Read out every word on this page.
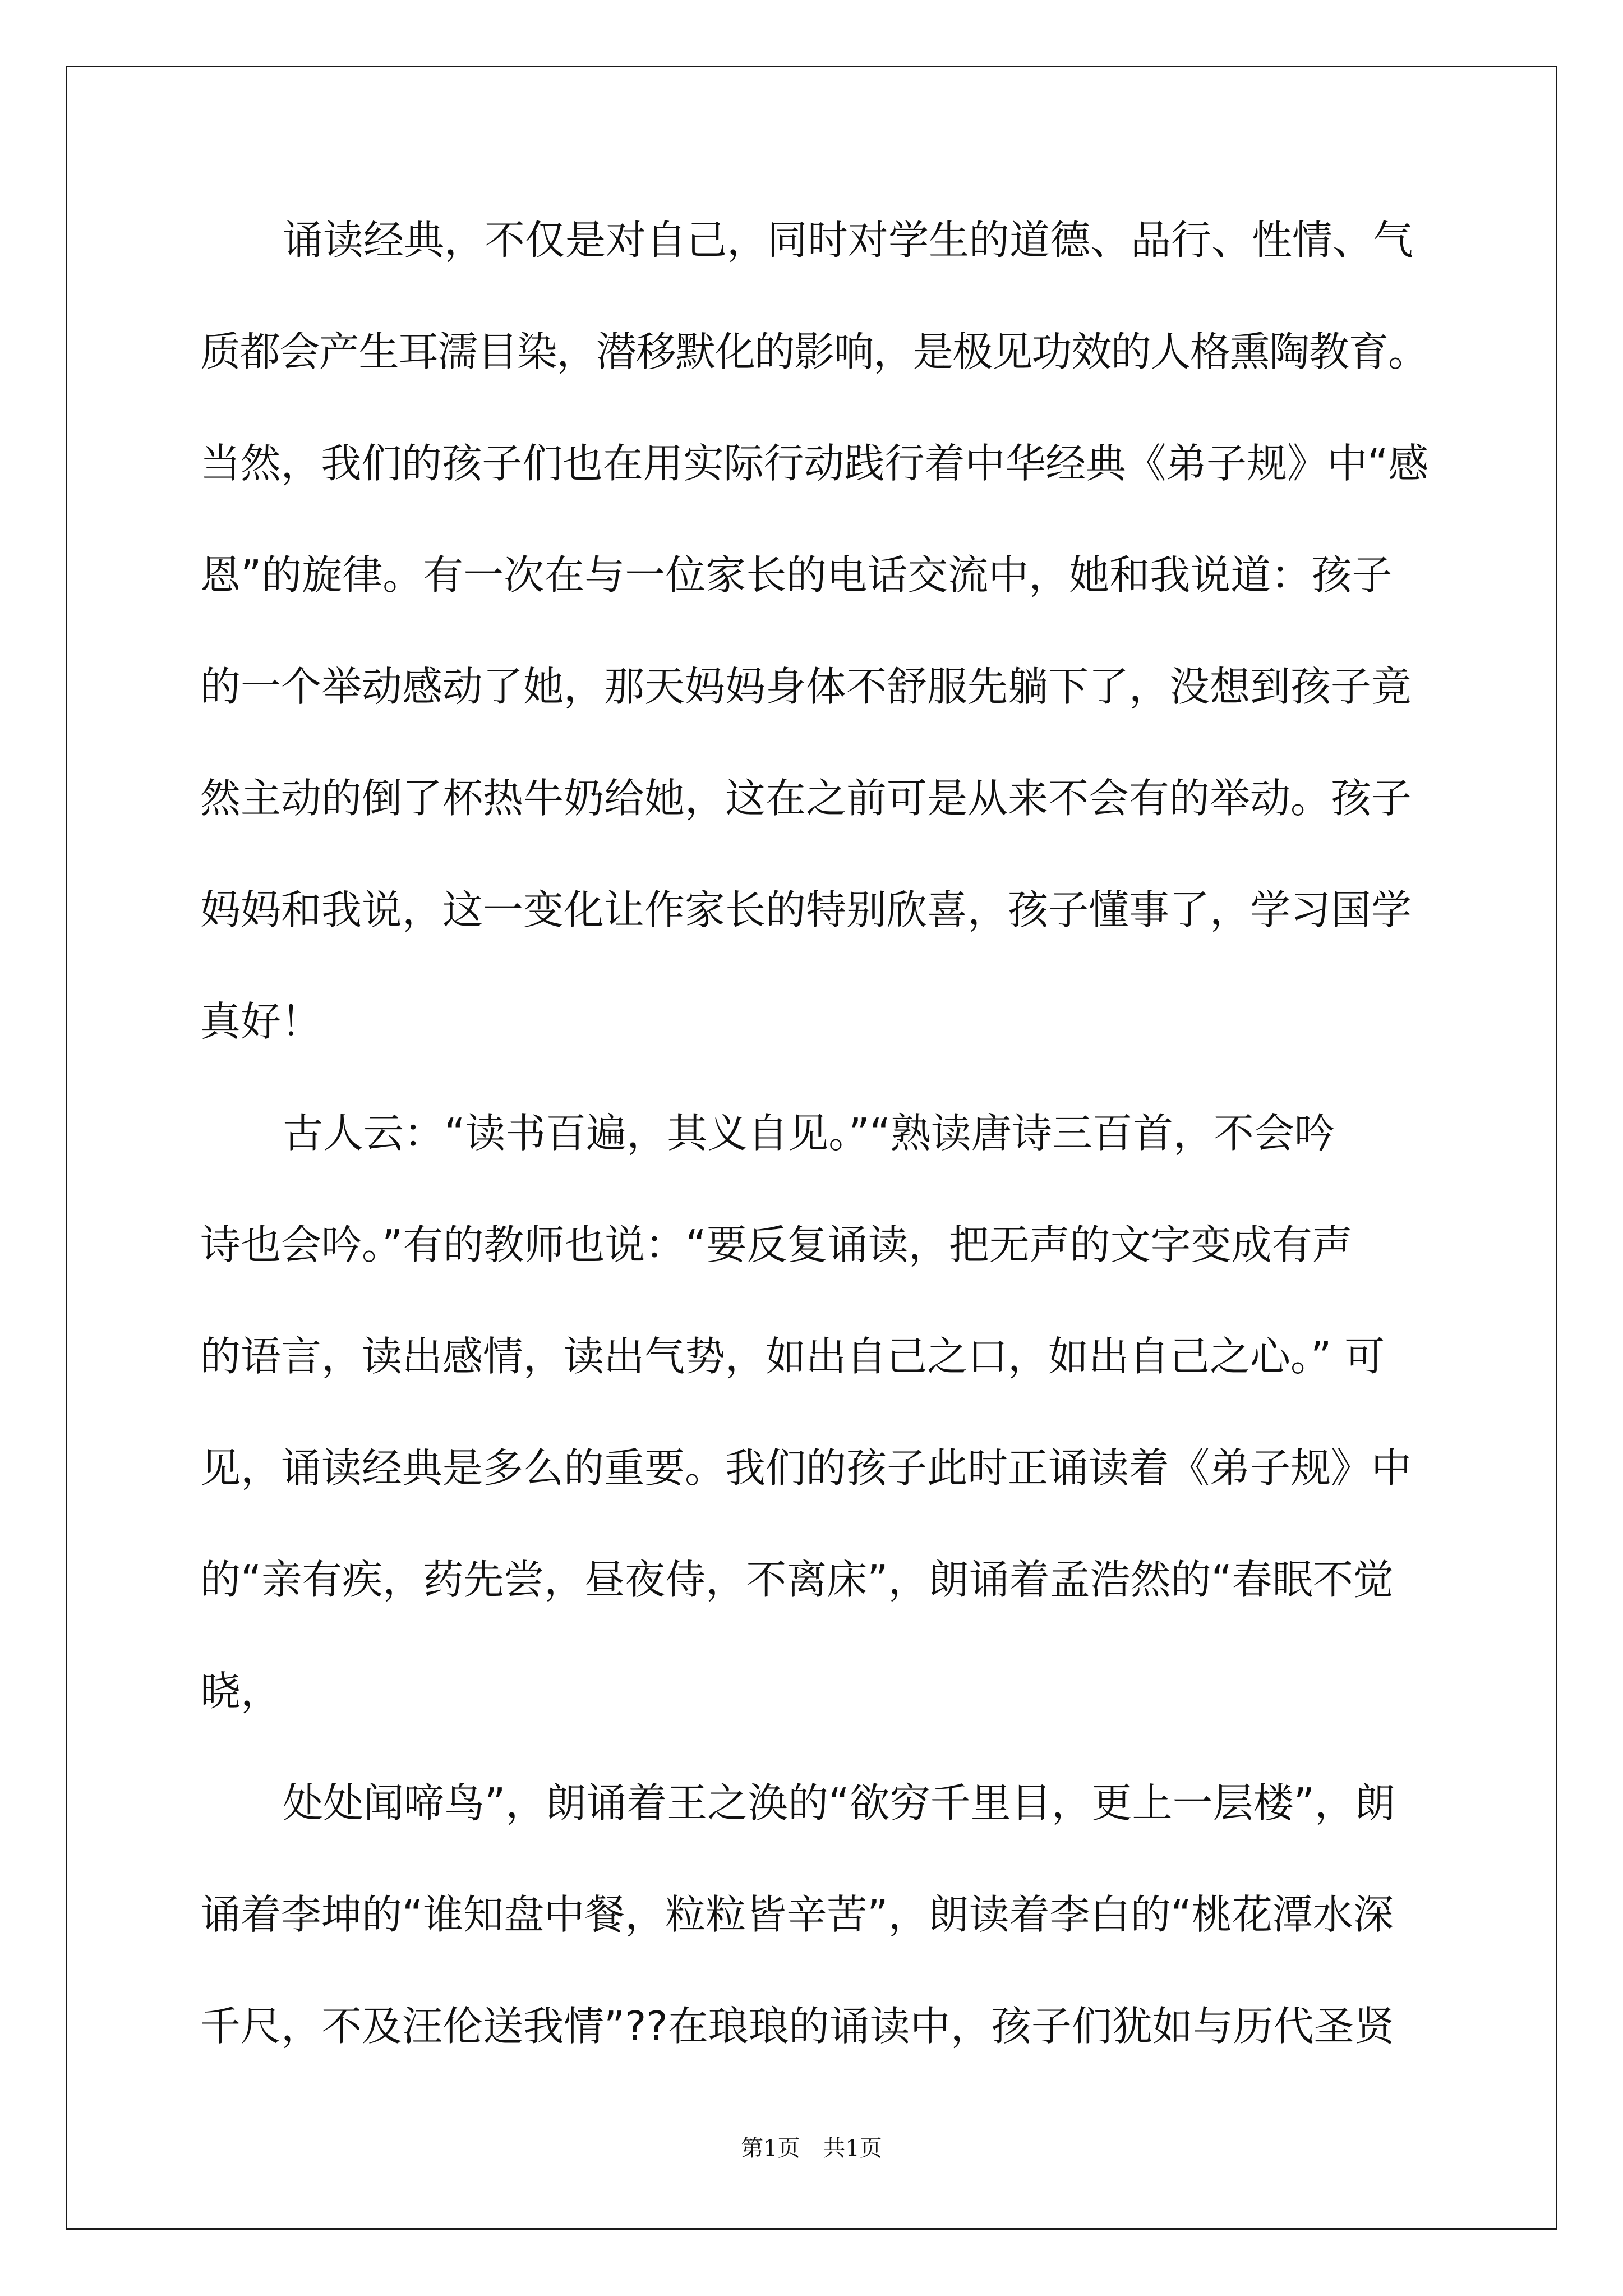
诵读经典，不仅是对自己，同时对学生的道德、品行、性情、气
质都会产生耳濡目染，潜移默化的影响，是极见功效的人格熏陶教育。
当然，我们的孩子们也在用实际行动践行着中华经典《弟子规》中“感
恩”的旋律。有一次在与一位家长的电话交流中，她和我说道：孩子
的一个举动感动了她，那天妈妈身体不舒服先躺下了，没想到孩子竟
然主动的倒了杯热牛奶给她，这在之前可是从来不会有的举动。孩子
妈妈和我说，这一变化让作家长的特别欣喜，孩子懂事了，学习国学
真好！
古人云：“读书百遍，其义自见。”“熟读唐诗三百首，不会吟
诗也会吟。”有的教师也说：“要反复诵读，把无声的文字变成有声
的语言，读出感情，读出气势，如出自己之口，如出自己之心。” 可
见，诵读经典是多么的重要。我们的孩子此时正诵读着《弟子规》中
的“亲有疾，药先尝，昼夜侍，不离床”，朗诵着孟浩然的“春眠不觉
晓，
处处闻啼鸟”，朗诵着王之涣的“欲穷千里目，更上一层楼”，朗
诵着李坤的“谁知盘中餐，粒粒皆辛苦”，朗读着李白的“桃花潭水深
千尺，不及汪伦送我情”??在琅琅的诵读中，孩子们犹如与历代圣贤
第1页 共1页
